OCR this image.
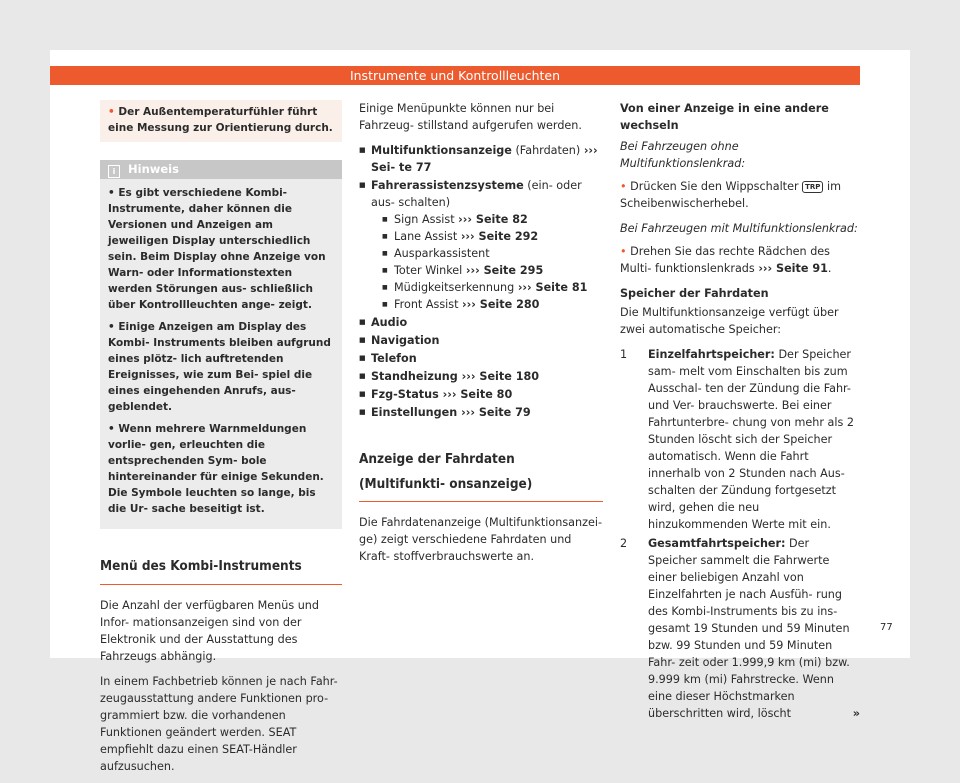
Instrumente und Kontrollleuchten
• Der Außentemperaturfühler führt eine Messung zur Orientierung durch.
i Hinweis

• Es gibt verschiedene Kombi-Instrumente, daher können die Versionen und Anzeigen am jeweiligen Display unterschiedlich sein. Beim Display ohne Anzeige von Warn- oder Informationstexten werden Störungen aus- schließlich über Kontrollleuchten ange- zeigt.

• Einige Anzeigen am Display des Kombi- Instruments bleiben aufgrund eines plötz- lich auftretenden Ereignisses, wie zum Bei- spiel die eines eingehenden Anrufs, aus- geblendet.

• Wenn mehrere Warnmeldungen vorlie- gen, erleuchten die entsprechenden Sym- bole hintereinander für einige Sekunden. Die Symbole leuchten so lange, bis die Ur- sache beseitigt ist.

Menü des Kombi-Instruments

Die Anzahl der verfügbaren Menüs und Infor- mationsanzeigen sind von der Elektronik und der Ausstattung des Fahrzeugs abhängig.

In einem Fachbetrieb können je nach Fahr- zeugausstattung andere Funktionen pro- grammiert bzw. die vorhandenen Funktionen geändert werden. SEAT empfiehlt dazu einen SEAT-Händler aufzusuchen.

Einige Menüpunkte können nur bei Fahrzeug- stillstand aufgerufen werden.

■ Multifunktionsanzeige (Fahrdaten) ››› Sei- te 77
■ Fahrerassistenzsysteme (ein- oder aus- schalten)
■ Sign Assist ››› Seite 82
■ Lane Assist ››› Seite 292
■ Ausparkassistent
■ Toter Winkel ››› Seite 295
■ Müdigkeitserkennung ››› Seite 81
■ Front Assist ››› Seite 280
■ Audio
■ Navigation
■ Telefon
■ Standheizung ››› Seite 180
■ Fzg-Status ››› Seite 80
■ Einstellungen ››› Seite 79
Anzeige der Fahrdaten (Multifunkti- onsanzeige)

Die Fahrdatenanzeige (Multifunktionsanzei- ge) zeigt verschiedene Fahrdaten und Kraft- stoffverbrauchswerte an.

Von einer Anzeige in eine andere wechseln

Bei Fahrzeugen ohne Multifunktionslenkrad:

• Drücken Sie den Wippschalter TRP im Scheibenwischerhebel.

Bei Fahrzeugen mit Multifunktionslenkrad:

• Drehen Sie das rechte Rädchen des Multi- funktionslenkrads ››› Seite 91.

Speicher der Fahrdaten

Die Multifunktionsanzeige verfügt über zwei automatische Speicher:

1	Einzelfahrtspeicher: Der Speicher sam- melt vom Einschalten bis zum Ausschal- ten der Zündung die Fahr- und Ver- brauchswerte. Bei einer Fahrtunterbre- chung von mehr als 2 Stunden löscht sich der Speicher automatisch. Wenn die Fahrt innerhalb von 2 Stunden nach Aus- schalten der Zündung fortgesetzt wird, gehen die neu hinzukommenden Werte mit ein.
2	Gesamtfahrtspeicher: Der Speicher sammelt die Fahrwerte einer beliebigen Anzahl von Einzelfahrten je nach Ausfüh- rung des Kombi-Instruments bis zu ins- gesamt 19 Stunden und 59 Minuten bzw. 99 Stunden und 59 Minuten Fahr- zeit oder 1.999,9 km (mi) bzw. 9.999 km (mi) Fahrstrecke. Wenn eine dieser Höchstmarken überschritten wird, löscht	»
77
